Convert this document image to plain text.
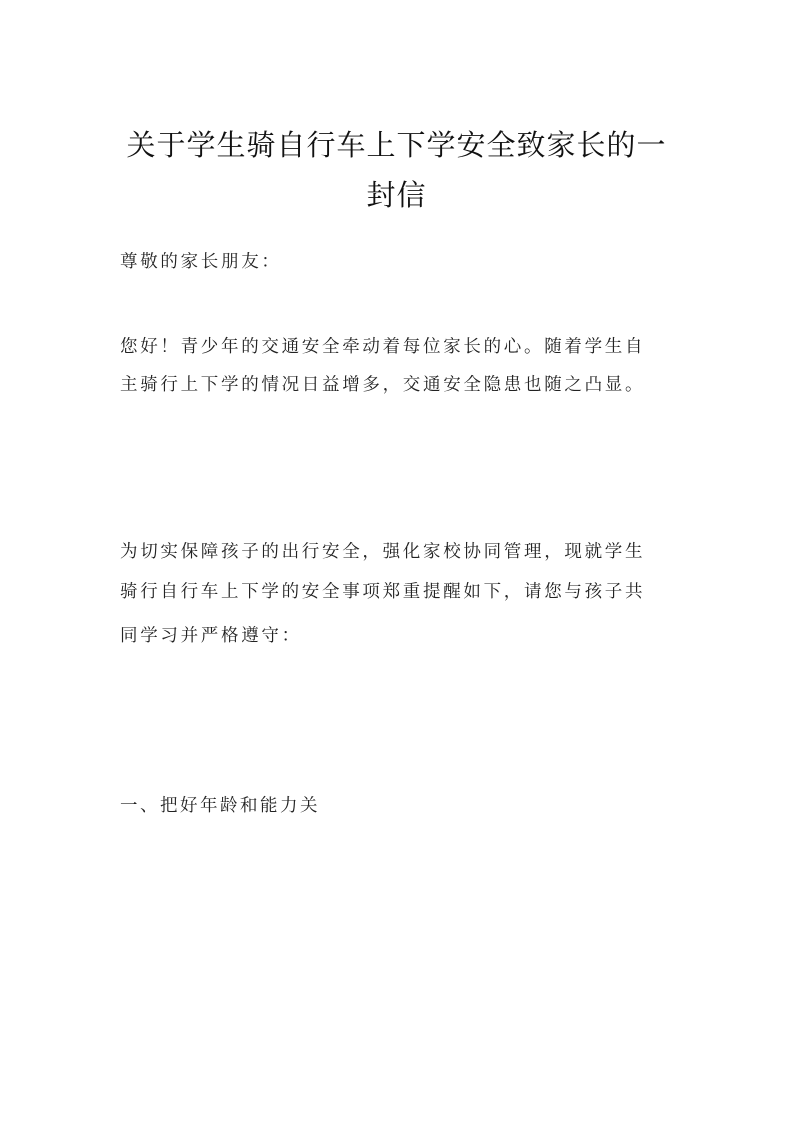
关于学生骑自行车上下学安全致家长的一
封信
尊敬的家长朋友：
您好！青少年的交通安全牵动着每位家长的心。随着学生自
主骑行上下学的情况日益增多，交通安全隐患也随之凸显。
为切实保障孩子的出行安全，强化家校协同管理，现就学生
骑行自行车上下学的安全事项郑重提醒如下，请您与孩子共
同学习并严格遵守：
一、把好年龄和能力关
